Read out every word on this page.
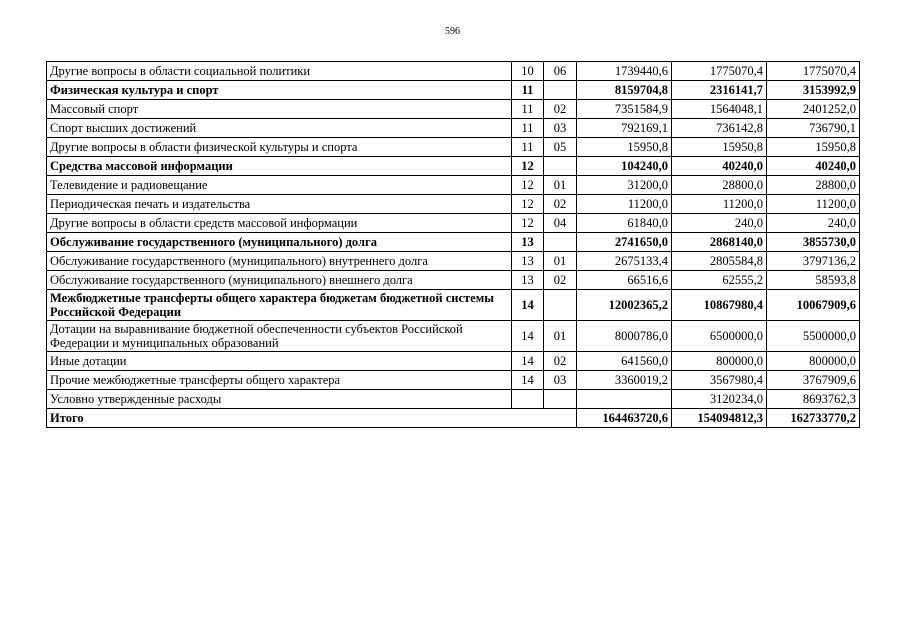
596
Другие вопросы в области социальной политики	10	06	1739440,6	1775070,4	1775070,4
Физическая культура и спорт	11		8159704,8	2316141,7	3153992,9
Массовый спорт	11	02	7351584,9	1564048,1	2401252,0
Спорт высших достижений	11	03	792169,1	736142,8	736790,1
Другие вопросы в области физической культуры и спорта	11	05	15950,8	15950,8	15950,8
Средства массовой информации	12		104240,0	40240,0	40240,0
Телевидение и радиовещание	12	01	31200,0	28800,0	28800,0
Периодическая печать и издательства	12	02	11200,0	11200,0	11200,0
Другие вопросы в области средств массовой информации	12	04	61840,0	240,0	240,0
Обслуживание государственного (муниципального) долга	13		2741650,0	2868140,0	3855730,0
Обслуживание государственного (муниципального) внутреннего долга	13	01	2675133,4	2805584,8	3797136,2
Обслуживание государственного (муниципального) внешнего долга	13	02	66516,6	62555,2	58593,8
Межбюджетные трансферты общего характера бюджетам бюджетной системы Российской Федерации	14		12002365,2	10867980,4	10067909,6
Дотации на выравнивание бюджетной обеспеченности субъектов Российской Федерации и муниципальных образований	14	01	8000786,0	6500000,0	5500000,0
Иные дотации	14	02	641560,0	800000,0	800000,0
Прочие межбюджетные трансферты общего характера	14	03	3360019,2	3567980,4	3767909,6
Условно утвержденные расходы				3120234,0	8693762,3
Итого			164463720,6	154094812,3	162733770,2
